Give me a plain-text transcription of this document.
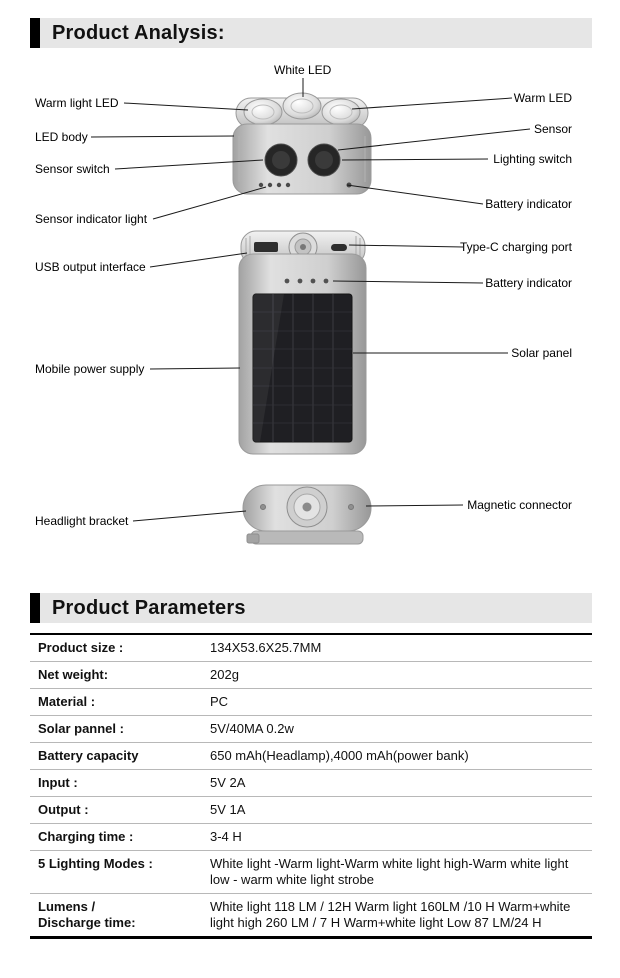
Product Analysis:
White LED
Warm light LED
LED body
Sensor switch
Sensor indicator light
USB output interface
Mobile power supply
Headlight bracket
Warm LED
Sensor
Lighting switch
Battery indicator
Type-C charging port
Battery indicator
Solar panel
Magnetic connector
Product Parameters
Product size :	134X53.6X25.7MM
Net weight:	202g
Material :	PC
Solar pannel :	5V/40MA 0.2w
Battery capacity	650 mAh(Headlamp),4000 mAh(power bank)
Input :	5V 2A
Output :	5V 1A
Charging time :	3-4 H
5 Lighting Modes :	White light -Warm light-Warm white light high-Warm white light low - warm white light strobe
Lumens / Discharge time:
White light 118 LM / 12H Warm light 160LM /10 H Warm+white light high 260 LM / 7 H Warm+white light Low 87 LM/24 H
